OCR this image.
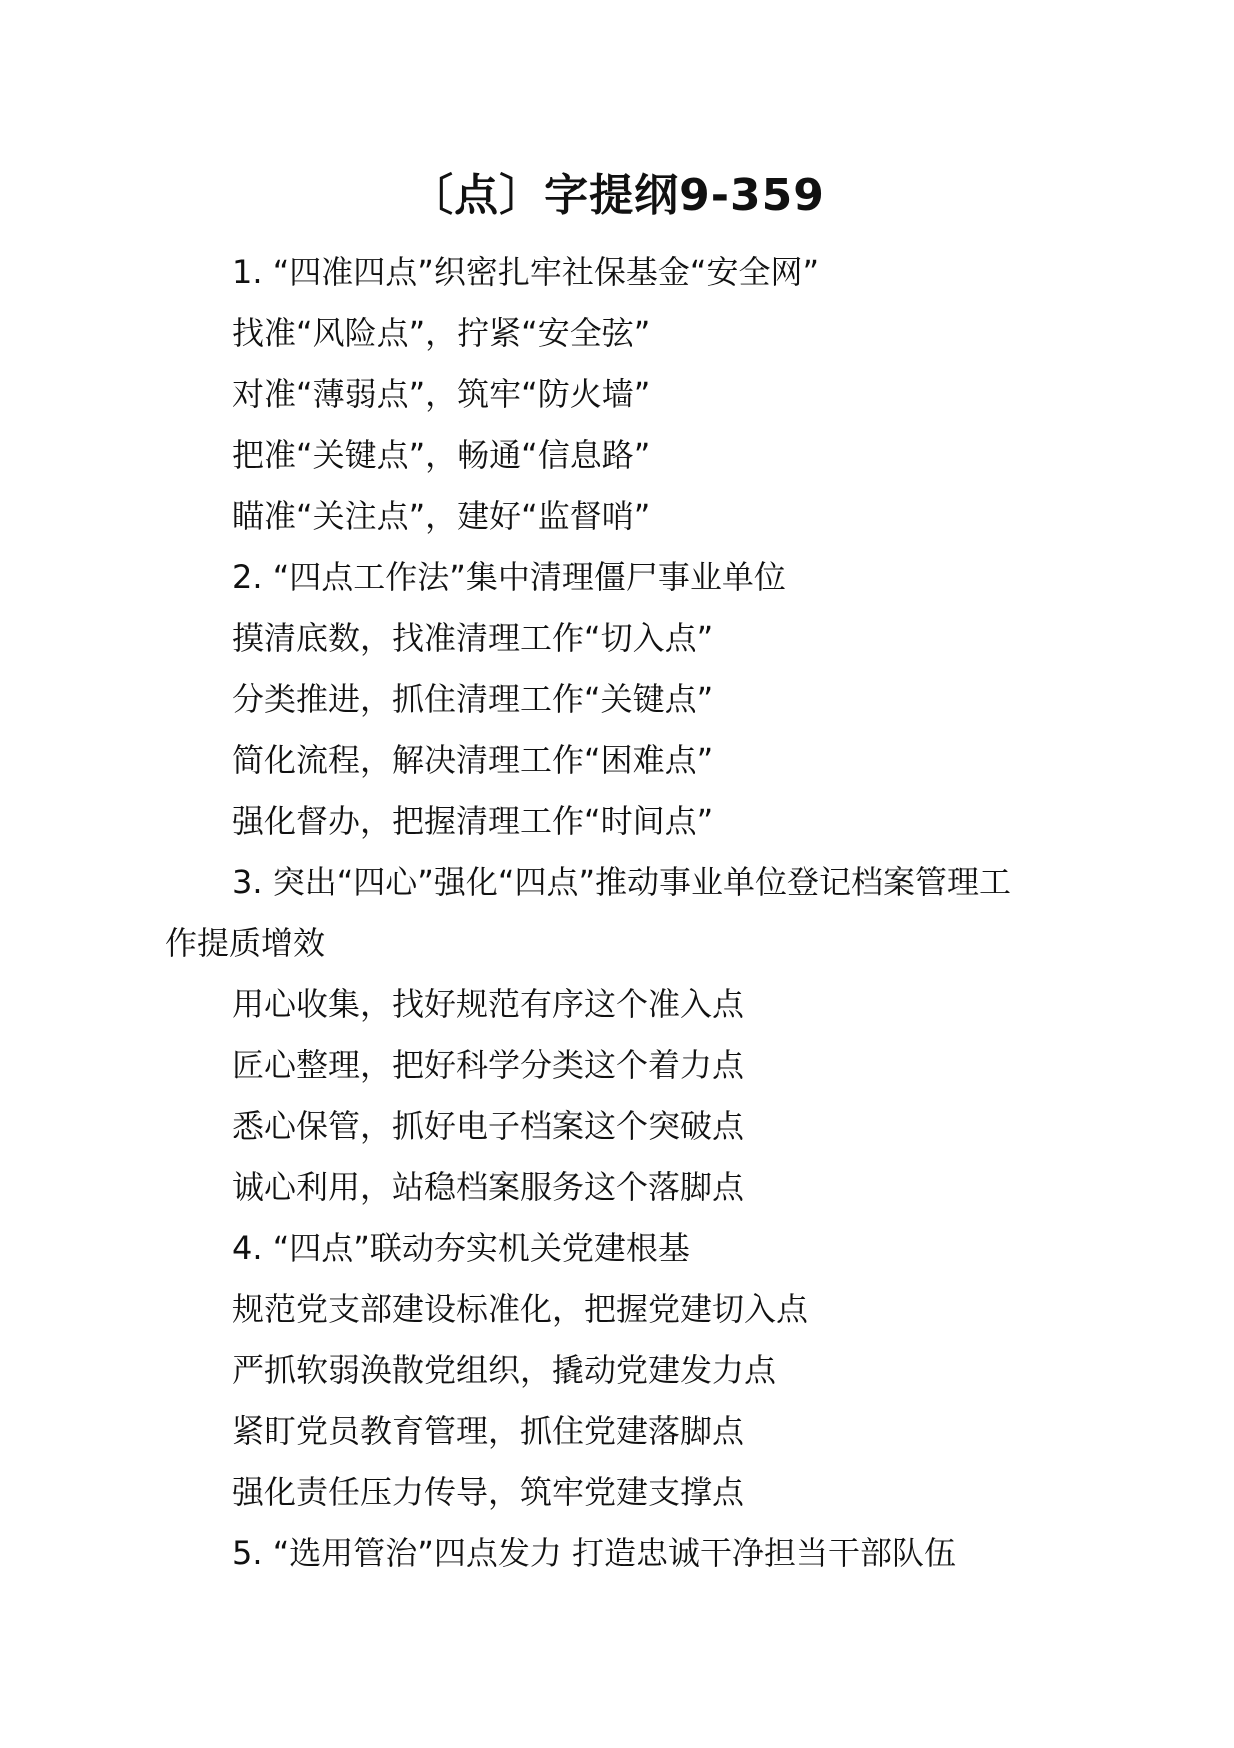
〔点〕字提纲9-359
1. “四准四点”织密扎牢社保基金“安全网”
找准“风险点”，拧紧“安全弦”
对准“薄弱点”，筑牢“防火墙”
把准“关键点”，畅通“信息路”
瞄准“关注点”，建好“监督哨”
2. “四点工作法”集中清理僵尸事业单位
摸清底数，找准清理工作“切入点”
分类推进，抓住清理工作“关键点”
简化流程，解决清理工作“困难点”
强化督办，把握清理工作“时间点”
3. 突出“四心”强化“四点”推动事业单位登记档案管理工
作提质增效
用心收集，找好规范有序这个准入点
匠心整理，把好科学分类这个着力点
悉心保管，抓好电子档案这个突破点
诚心利用，站稳档案服务这个落脚点
4. “四点”联动夯实机关党建根基
规范党支部建设标准化，把握党建切入点
严抓软弱涣散党组织，撬动党建发力点
紧盯党员教育管理，抓住党建落脚点
强化责任压力传导，筑牢党建支撑点
5. “选用管治”四点发力 打造忠诚干净担当干部队伍
